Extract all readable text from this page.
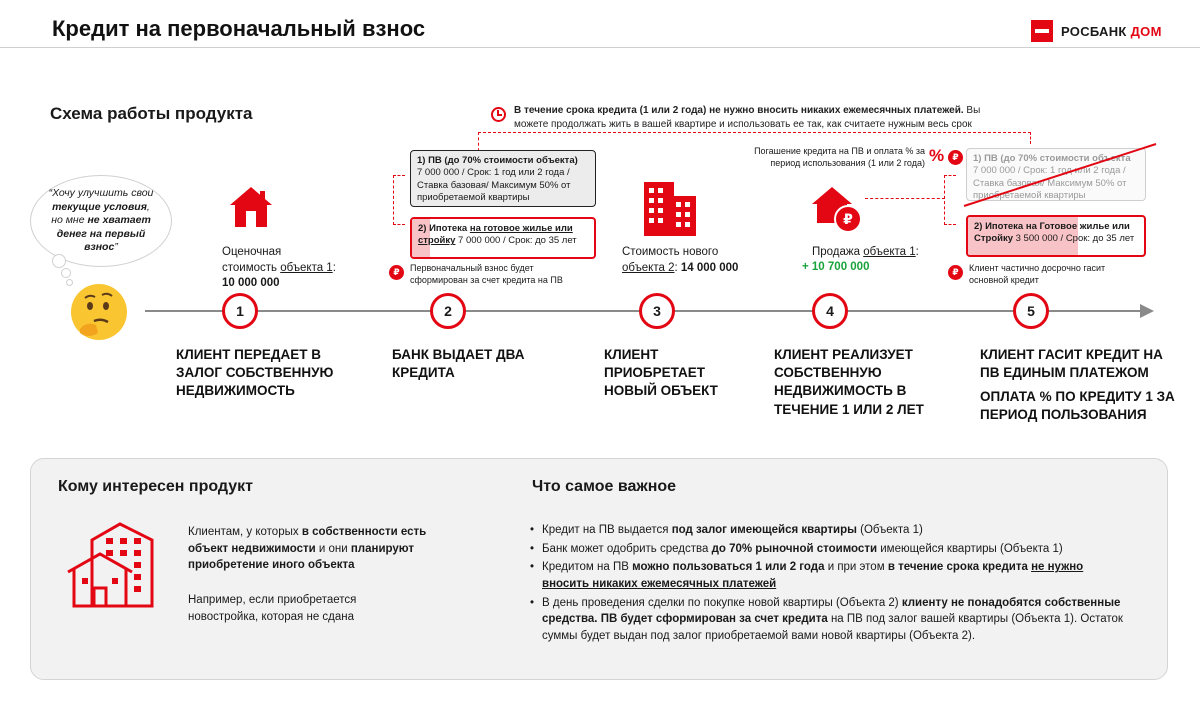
Кредит на первоначальный взнос	РОСБАНК ДОМ
Схема работы продукта	В течение срока кредита (1 или 2 года) не нужно вносить никаких ежемесячных платежей. Вы можете продолжать жить в вашей квартире и использовать ее так, как считаете нужным весь срок
“Хочу улучшить свои текущие условия, но мне не хватает денег на первый взнос”	Оценочная
стоимость объекта 1:
10 000 000
1) ПВ (до 70% стоимости объекта)
7 000 000 / Срок: 1 год или 2 года / Ставка базовая/ Максимум 50% от приобретаемой квартиры
2) Ипотека на готовое жилье или стройку 7 000 000 / Срок: до 35 лет
₽	Первоначальный взнос будет сформирован за счет кредита на ПВ
Стоимость нового
объекта 2: 14 000 000
₽
Продажа объекта 1:
+ 10 700 000
Погашение кредита на ПВ и оплата % за период использования (1 или 2 года) % ₽	1) ПВ (до 70% стоимости объекта
7 000 000 / Срок: 1 год или 2 года / Ставка базовая/ Максимум 50% от приобретаемой квартиры
2) Ипотека на Готовое жилье или Стройку 3 500 000 / Срок: до 35 лет
₽	Клиент частично досрочно гасит основной кредит
1	2	3	4	5
КЛИЕНТ ПЕРЕДАЕТ В ЗАЛОГ СОБСТВЕННУЮ НЕДВИЖИМОСТЬ
БАНК ВЫДАЕТ ДВА КРЕДИТА
КЛИЕНТ ПРИОБРЕТАЕТ НОВЫЙ ОБЪЕКТ
КЛИЕНТ РЕАЛИЗУЕТ СОБСТВЕННУЮ НЕДВИЖИМОСТЬ В ТЕЧЕНИЕ 1 ИЛИ 2 ЛЕТ
КЛИЕНТ ГАСИТ КРЕДИТ НА ПВ ЕДИНЫМ ПЛАТЕЖОМ
ОПЛАТА % ПО КРЕДИТУ 1 ЗА ПЕРИОД ПОЛЬЗОВАНИЯ
Кому интересен продукт	Что самое важное
Клиентам, у которых в собственности есть объект недвижимости и они планируют приобретение иного объекта
Например, если приобретается новостройка, которая не сдана
• Кредит на ПВ выдается под залог имеющейся квартиры (Объекта 1)
• Банк может одобрить средства до 70% рыночной стоимости имеющейся квартиры (Объекта 1)
• Кредитом на ПВ можно пользоваться 1 или 2 года и при этом в течение срока кредита не нужно вносить никаких ежемесячных платежей
• В день проведения сделки по покупке новой квартиры (Объекта 2) клиенту не понадобятся собственные средства. ПВ будет сформирован за счет кредита на ПВ под залог вашей квартиры (Объекта 1). Остаток суммы будет выдан под залог приобретаемой вами новой квартиры (Объекта 2).
